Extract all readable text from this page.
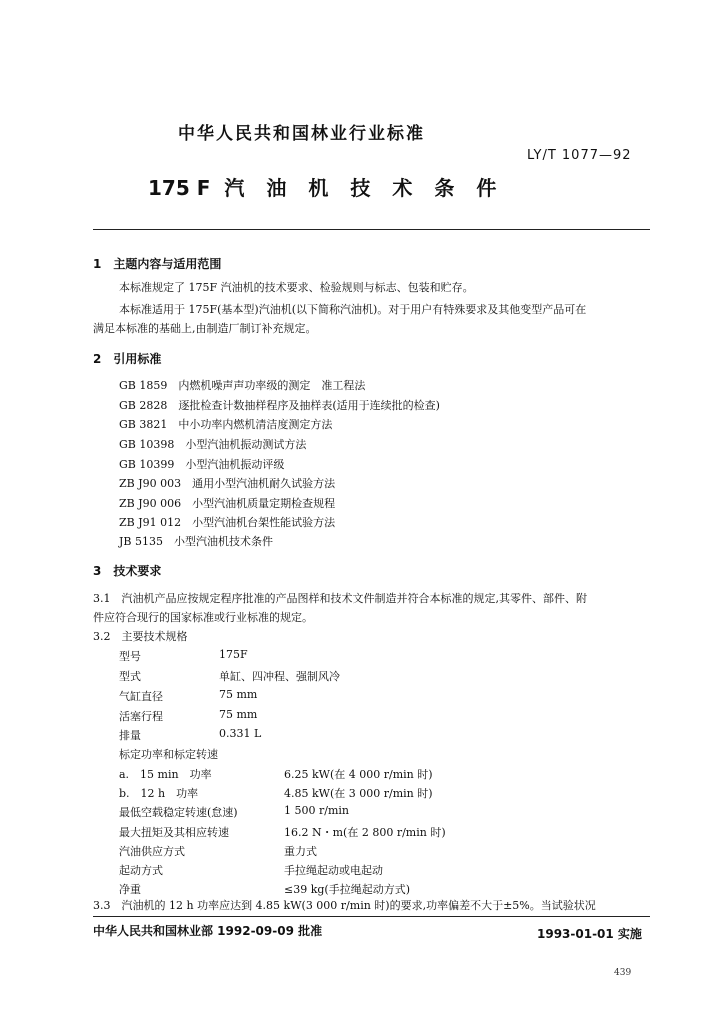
中华人民共和国林业行业标准
LY/T 1077—92
175 F 汽油机技术条件
1　主题内容与适用范围
本标准规定了 175F 汽油机的技术要求、检验规则与标志、包装和贮存。
本标准适用于 175F(基本型)汽油机(以下简称汽油机)。对于用户有特殊要求及其他变型产品可在
满足本标准的基础上,由制造厂制订补充规定。
2　引用标准
GB 1859　内燃机噪声声功率级的测定　准工程法
GB 2828　逐批检查计数抽样程序及抽样表(适用于连续批的检查)
GB 3821　中小功率内燃机清洁度测定方法
GB 10398　小型汽油机振动测试方法
GB 10399　小型汽油机振动评级
ZB J90 003　通用小型汽油机耐久试验方法
ZB J90 006　小型汽油机质量定期检查规程
ZB J91 012　小型汽油机台架性能试验方法
JB 5135　小型汽油机技术条件
3　技术要求
3.1　汽油机产品应按规定程序批准的产品图样和技术文件制造并符合本标准的规定,其零件、部件、附
件应符合现行的国家标准或行业标准的规定。
3.2　主要技术规格
型号	175F
型式	单缸、四冲程、强制风冷
气缸直径	75 mm
活塞行程	75 mm
排量	0.331 L
标定功率和标定转速
a.　15 min　功率	6.25 kW(在 4 000 r/min 时)
b.　12 h　功率	4.85 kW(在 3 000 r/min 时)
最低空载稳定转速(怠速)	1 500 r/min
最大扭矩及其相应转速	16.2 N・m(在 2 800 r/min 时)
汽油供应方式	重力式
起动方式	手拉绳起动或电起动
净重	≤39 kg(手拉绳起动方式)
3.3　汽油机的 12 h 功率应达到 4.85 kW(3 000 r/min 时)的要求,功率偏差不大于±5%。当试验状况
中华人民共和国林业部 1992-09-09 批准	1993-01-01 实施
439
